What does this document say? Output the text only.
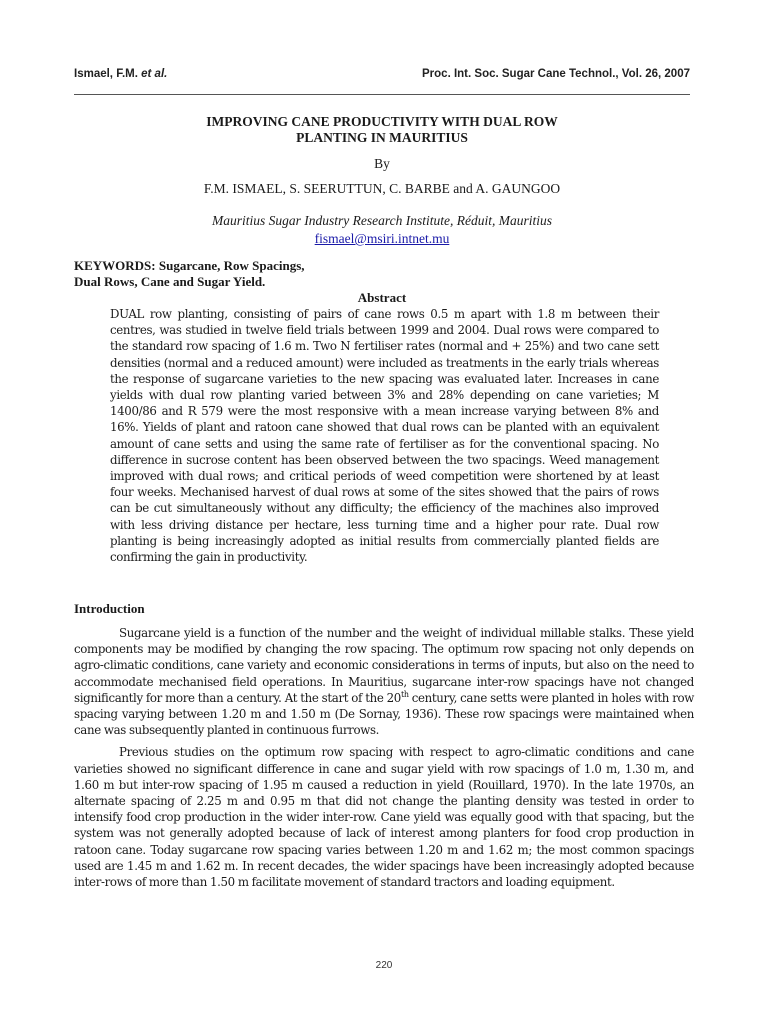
Ismael, F.M. et al.	Proc. Int. Soc. Sugar Cane Technol., Vol. 26, 2007
IMPROVING CANE PRODUCTIVITY WITH DUAL ROW
PLANTING IN MAURITIUS
By
F.M. ISMAEL, S. SEERUTTUN, C. BARBE and A. GAUNGOO
Mauritius Sugar Industry Research Institute, Réduit, Mauritius
fismael@msiri.intnet.mu
KEYWORDS: Sugarcane, Row Spacings,
Dual Rows, Cane and Sugar Yield.
Abstract
DUAL row planting, consisting of pairs of cane rows 0.5 m apart with 1.8 m between their centres, was studied in twelve field trials between 1999 and 2004. Dual rows were compared to the standard row spacing of 1.6 m. Two N fertiliser rates (normal and + 25%) and two cane sett densities (normal and a reduced amount) were included as treatments in the early trials whereas the response of sugarcane varieties to the new spacing was evaluated later. Increases in cane yields with dual row planting varied between 3% and 28% depending on cane varieties; M 1400/86 and R 579 were the most responsive with a mean increase varying between 8% and 16%. Yields of plant and ratoon cane showed that dual rows can be planted with an equivalent amount of cane setts and using the same rate of fertiliser as for the conventional spacing. No difference in sucrose content has been observed between the two spacings. Weed management improved with dual rows; and critical periods of weed competition were shortened by at least four weeks. Mechanised harvest of dual rows at some of the sites showed that the pairs of rows can be cut simultaneously without any difficulty; the efficiency of the machines also improved with less driving distance per hectare, less turning time and a higher pour rate. Dual row planting is being increasingly adopted as initial results from commercially planted fields are confirming the gain in productivity.
Introduction

Sugarcane yield is a function of the number and the weight of individual millable stalks. These yield components may be modified by changing the row spacing. The optimum row spacing not only depends on agro-climatic conditions, cane variety and economic considerations in terms of inputs, but also on the need to accommodate mechanised field operations. In Mauritius, sugarcane inter-row spacings have not changed significantly for more than a century. At the start of the 20th century, cane setts were planted in holes with row spacing varying between 1.20 m and 1.50 m (De Sornay, 1936). These row spacings were maintained when cane was subsequently planted in continuous furrows.

Previous studies on the optimum row spacing with respect to agro-climatic conditions and cane varieties showed no significant difference in cane and sugar yield with row spacings of 1.0 m, 1.30 m, and 1.60 m but inter-row spacing of 1.95 m caused a reduction in yield (Rouillard, 1970). In the late 1970s, an alternate spacing of 2.25 m and 0.95 m that did not change the planting density was tested in order to intensify food crop production in the wider inter-row. Cane yield was equally good with that spacing, but the system was not generally adopted because of lack of interest among planters for food crop production in ratoon cane. Today sugarcane row spacing varies between 1.20 m and 1.62 m; the most common spacings used are 1.45 m and 1.62 m. In recent decades, the wider spacings have been increasingly adopted because inter-rows of more than 1.50 m facilitate movement of standard tractors and loading equipment.

220
